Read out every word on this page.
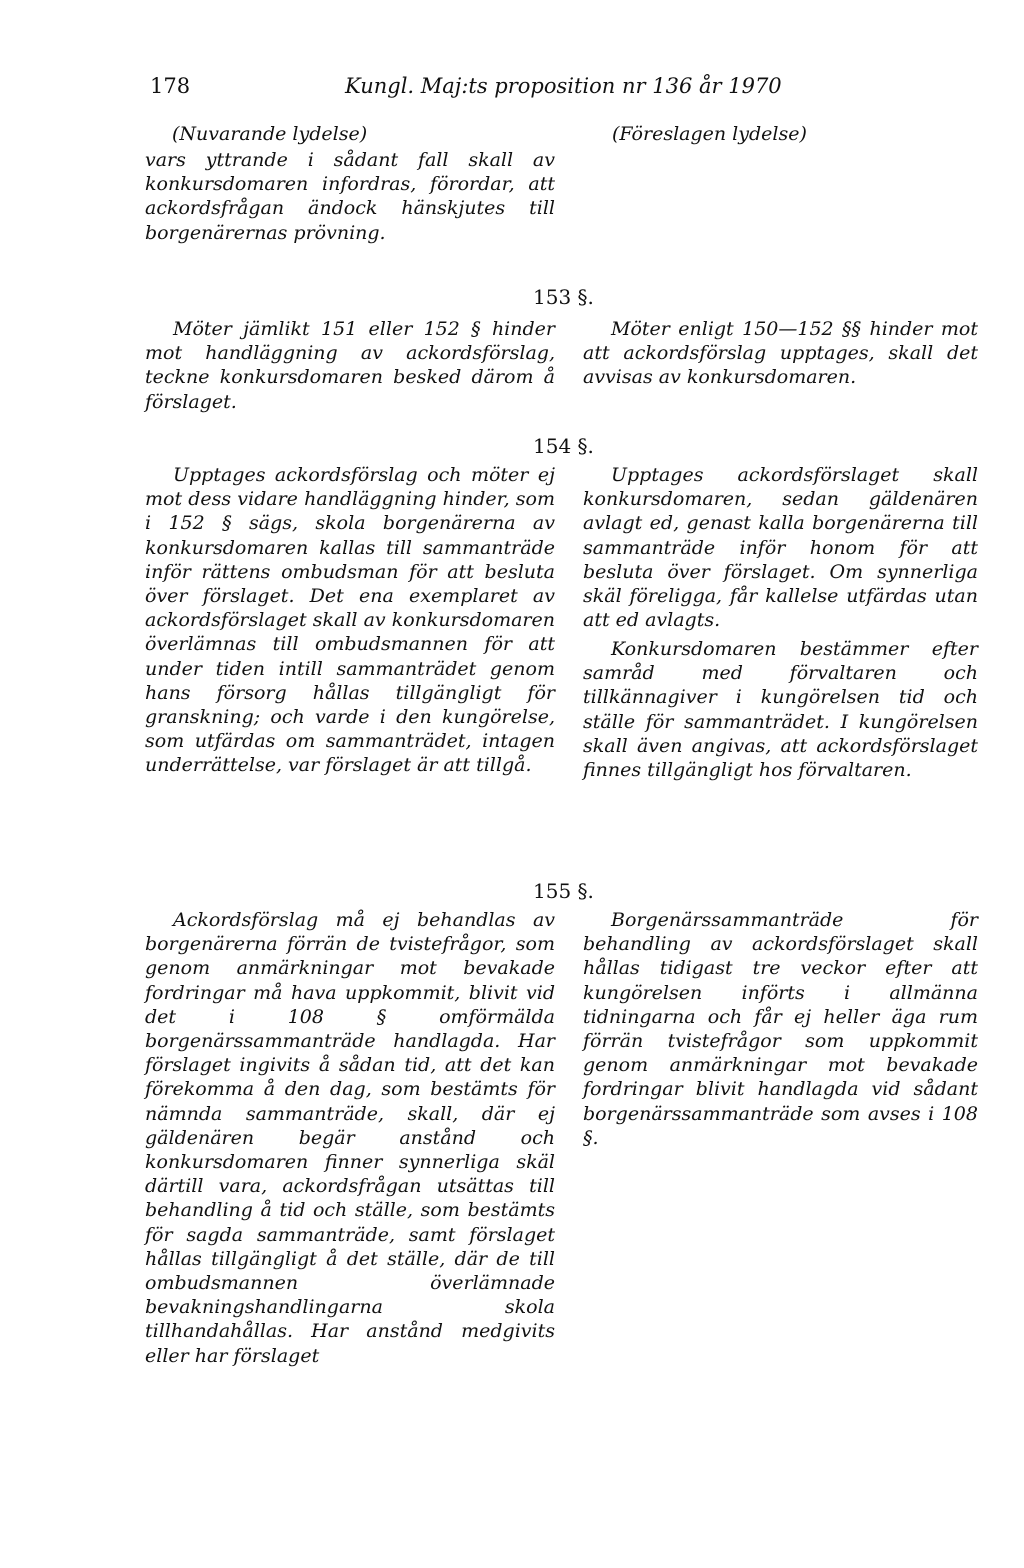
178	Kungl. Maj:ts proposition nr 136 år 1970
(Nuvarande lydelse)	(Föreslagen lydelse)

vars yttrande i sådant fall skall av konkursdomaren infordras, förordar, att ackordsfrågan ändock hänskjutes till borgenärernas prövning.

153 §.

Möter jämlikt 151 eller 152 § hinder mot handläggning av ackordsförslag, teckne konkursdomaren besked därom å förslaget.

Möter enligt 150—152 §§ hinder mot att ackordsförslag upptages, skall det avvisas av konkursdomaren.

154 §.

Upptages ackordsförslag och möter ej mot dess vidare handläggning hinder, som i 152 § sägs, skola borgenärerna av konkursdomaren kallas till sammanträde inför rättens ombudsman för att besluta över förslaget. Det ena exemplaret av ackordsförslaget skall av konkursdomaren överlämnas till ombudsmannen för att under tiden intill sammanträdet genom hans försorg hållas tillgängligt för granskning; och varde i den kungörelse, som utfärdas om sammanträdet, intagen underrättelse, var förslaget är att tillgå.

Upptages ackordsförslaget skall konkursdomaren, sedan gäldenären avlagt ed, genast kalla borgenärerna till sammanträde inför honom för att besluta över förslaget. Om synnerliga skäl föreligga, får kallelse utfärdas utan att ed avlagts.

Konkursdomaren bestämmer efter samråd med förvaltaren och tillkännagiver i kungörelsen tid och ställe för sammanträdet. I kungörelsen skall även angivas, att ackordsförslaget finnes tillgängligt hos förvaltaren.

155 §.

Ackordsförslag må ej behandlas av borgenärerna förrän de tvistefrågor, som genom anmärkningar mot bevakade fordringar må hava uppkommit, blivit vid det i 108 § omförmälda borgenärssammanträde handlagda. Har förslaget ingivits å sådan tid, att det kan förekomma å den dag, som bestämts för nämnda sammanträde, skall, där ej gäldenären begär anstånd och konkursdomaren finner synnerliga skäl därtill vara, ackordsfrågan utsättas till behandling å tid och ställe, som bestämts för sagda sammanträde, samt förslaget hållas tillgängligt å det ställe, där de till ombudsmannen överlämnade bevakningshandlingarna skola tillhandahållas. Har anstånd medgivits eller har förslaget

Borgenärssammanträde för behandling av ackordsförslaget skall hållas tidigast tre veckor efter att kungörelsen införts i allmänna tidningarna och får ej heller äga rum förrän tvistefrågor som uppkommit genom anmärkningar mot bevakade fordringar blivit handlagda vid sådant borgenärssammanträde som avses i 108 §.
